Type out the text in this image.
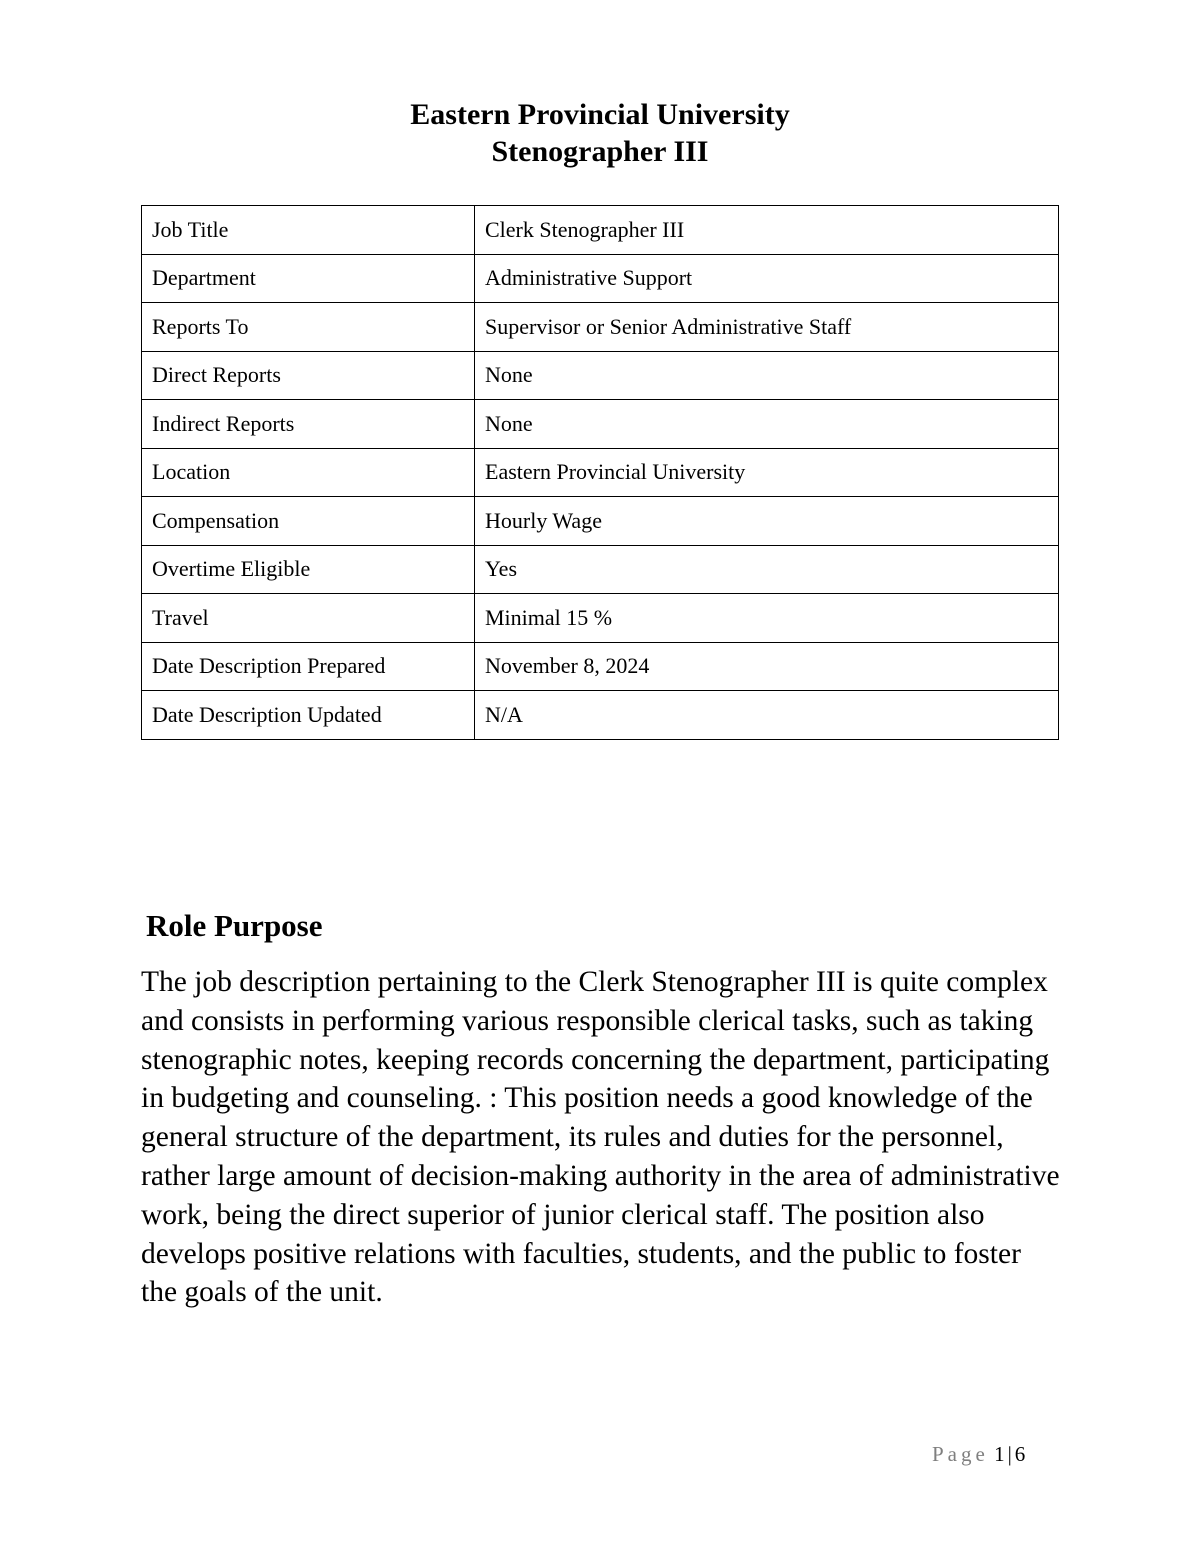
Eastern Provincial University
Stenographer III
Job Title	Clerk Stenographer III
Department	Administrative Support
Reports To	Supervisor or Senior Administrative Staff
Direct Reports	None
Indirect Reports	None
Location	Eastern Provincial University
Compensation	Hourly Wage
Overtime Eligible	Yes
Travel	Minimal 15 %
Date Description Prepared	November 8, 2024
Date Description Updated	N/A
Role Purpose

The job description pertaining to the Clerk Stenographer III is quite complex and consists in performing various responsible clerical tasks, such as taking stenographic notes, keeping records concerning the department, participating in budgeting and counseling. : This position needs a good knowledge of the general structure of the department, its rules and duties for the personnel, rather large amount of decision-making authority in the area of administrative work, being the direct superior of junior clerical staff. The position also develops positive relations with faculties, students, and the public to foster the goals of the unit.

Page 1|6
